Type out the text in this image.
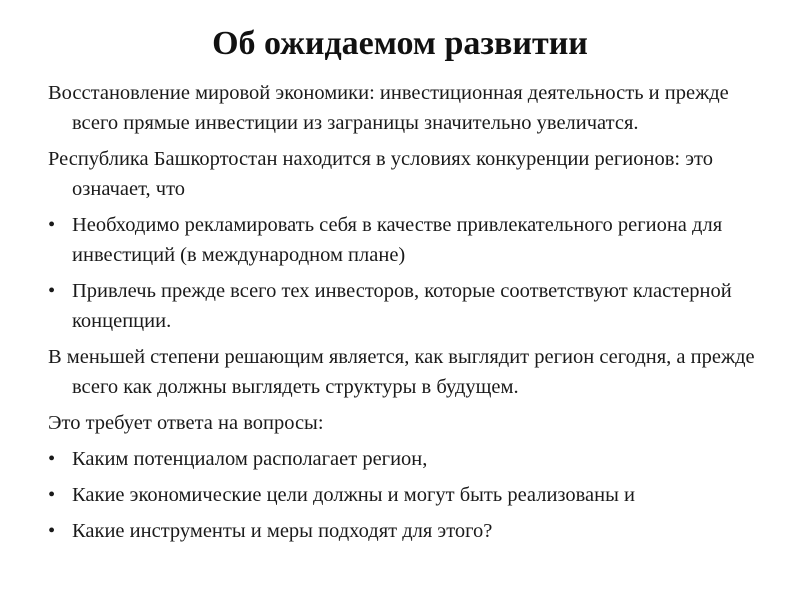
Об ожидаемом развитии

Восстановление мировой экономики: инвестиционная деятельность и прежде всего прямые инвестиции из заграницы значительно увеличатся.

Республика Башкортостан находится в условиях конкуренции регионов: это означает, что

• Необходимо рекламировать себя в качестве привлекательного региона для инвестиций (в международном плане)
• Привлечь прежде всего тех инвесторов, которые соответствуют кластерной концепции.

В меньшей степени решающим является, как выглядит регион сегодня, а прежде всего как должны выглядеть структуры в будущем.

Это требует ответа на вопросы:

• Каким потенциалом располагает регион,
• Какие экономические цели должны и могут быть реализованы и
• Какие инструменты и меры подходят для этого?
